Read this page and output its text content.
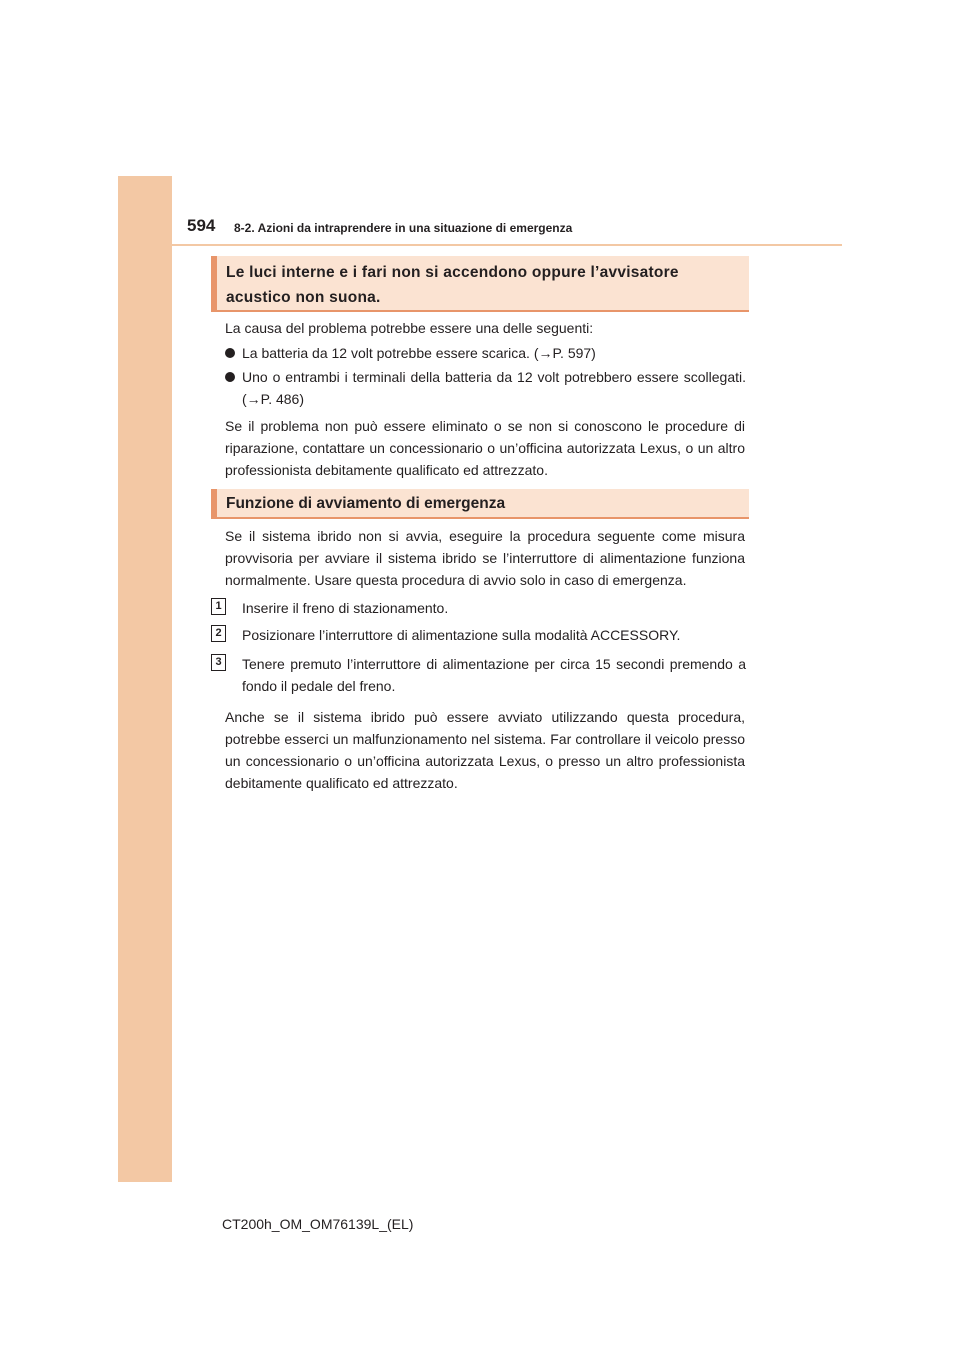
594 8-2. Azioni da intraprendere in una situazione di emergenza
Le luci interne e i fari non si accendono oppure l’avvisatore acustico non suona.
La causa del problema potrebbe essere una delle seguenti:
La batteria da 12 volt potrebbe essere scarica. (→P. 597)
Uno o entrambi i terminali della batteria da 12 volt potrebbero essere scollegati. (→P. 486)
Se il problema non può essere eliminato o se non si conoscono le procedure di riparazione, contattare un concessionario o un’officina autorizzata Lexus, o un altro professionista debitamente qualificato ed attrezzato.
Funzione di avviamento di emergenza
Se il sistema ibrido non si avvia, eseguire la procedura seguente come misura provvisoria per avviare il sistema ibrido se l’interruttore di alimentazione funziona normalmente. Usare questa procedura di avvio solo in caso di emergenza.
1	Inserire il freno di stazionamento.
2	Posizionare l’interruttore di alimentazione sulla modalità ACCESSORY.
3	Tenere premuto l’interruttore di alimentazione per circa 15 secondi premendo a fondo il pedale del freno.
Anche se il sistema ibrido può essere avviato utilizzando questa procedura, potrebbe esserci un malfunzionamento nel sistema. Far controllare il veicolo presso un concessionario o un’officina autorizzata Lexus, o presso un altro professionista debitamente qualificato ed attrezzato.
CT200h_OM_OM76139L_(EL)
